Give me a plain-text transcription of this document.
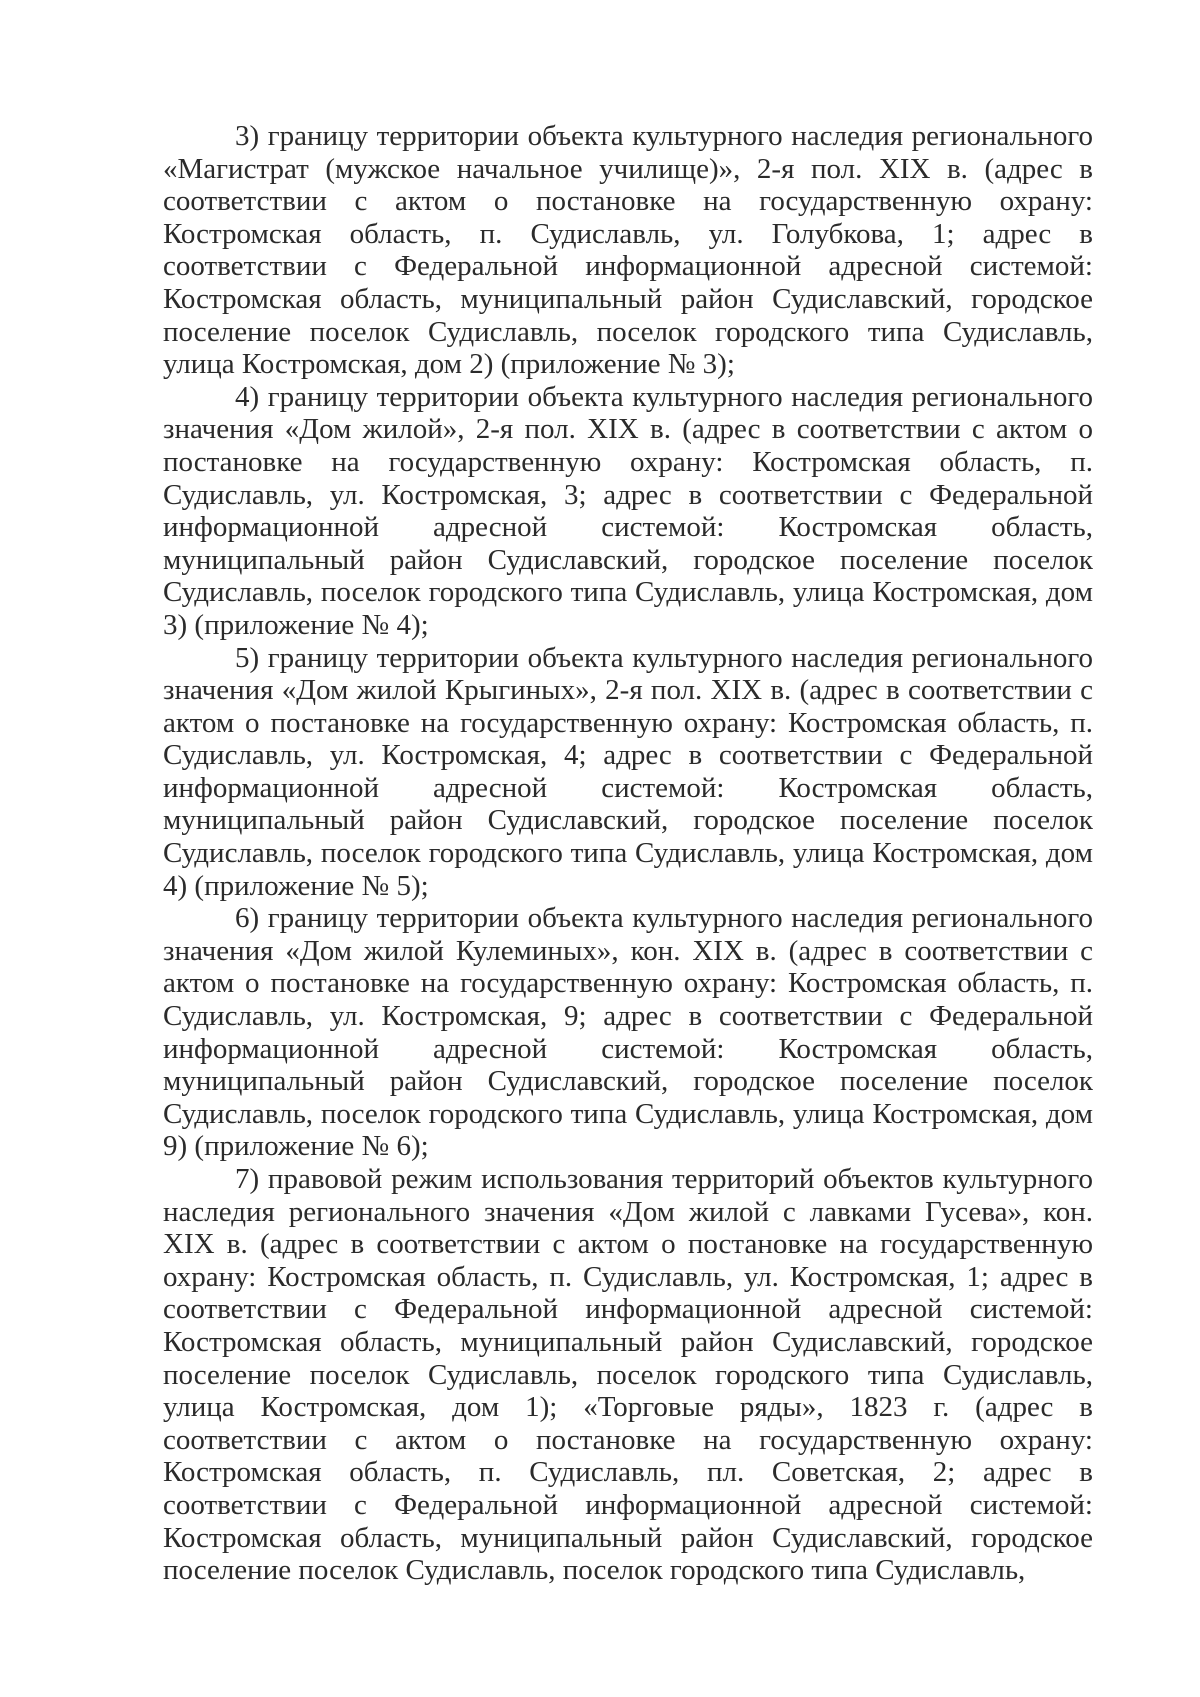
3) границу территории объекта культурного наследия регионального «Магистрат (мужское начальное училище)», 2-я пол. XIX в. (адрес в соответствии с актом о постановке на государственную охрану: Костромская область, п. Судиславль, ул. Голубкова, 1; адрес в соответствии с Федеральной информационной адресной системой: Костромская область, муниципальный район Судиславский, городское поселение поселок Судиславль, поселок городского типа Судиславль, улица Костромская, дом 2) (приложение № 3);

4) границу территории объекта культурного наследия регионального значения «Дом жилой», 2-я пол. XIX в. (адрес в соответствии с актом о постановке на государственную охрану: Костромская область, п. Судиславль, ул. Костромская, 3; адрес в соответствии с Федеральной информационной адресной системой: Костромская область, муниципальный район Судиславский, городское поселение поселок Судиславль, поселок городского типа Судиславль, улица Костромская, дом 3) (приложение № 4);

5) границу территории объекта культурного наследия регионального значения «Дом жилой Крыгиных», 2-я пол. XIX в. (адрес в соответствии с актом о постановке на государственную охрану: Костромская область, п. Судиславль, ул. Костромская, 4; адрес в соответствии с Федеральной информационной адресной системой: Костромская область, муниципальный район Судиславский, городское поселение поселок Судиславль, поселок городского типа Судиславль, улица Костромская, дом 4) (приложение № 5);

6) границу территории объекта культурного наследия регионального значения «Дом жилой Кулеминых», кон. XIX в. (адрес в соответствии с актом о постановке на государственную охрану: Костромская область, п. Судиславль, ул. Костромская, 9; адрес в соответствии с Федеральной информационной адресной системой: Костромская область, муниципальный район Судиславский, городское поселение поселок Судиславль, поселок городского типа Судиславль, улица Костромская, дом 9) (приложение № 6);

7) правовой режим использования территорий объектов культурного наследия регионального значения «Дом жилой с лавками Гусева», кон. XIX в. (адрес в соответствии с актом о постановке на государственную охрану: Костромская область, п. Судиславль, ул. Костромская, 1; адрес в соответствии с Федеральной информационной адресной системой: Костромская область, муниципальный район Судиславский, городское поселение поселок Судиславль, поселок городского типа Судиславль, улица Костромская, дом 1); «Торговые ряды», 1823 г. (адрес в соответствии с актом о постановке на государственную охрану: Костромская область, п. Судиславль, пл. Советская, 2; адрес в соответствии с Федеральной информационной адресной системой: Костромская область, муниципальный район Судиславский, городское поселение поселок Судиславль, поселок городского типа Судиславль,
